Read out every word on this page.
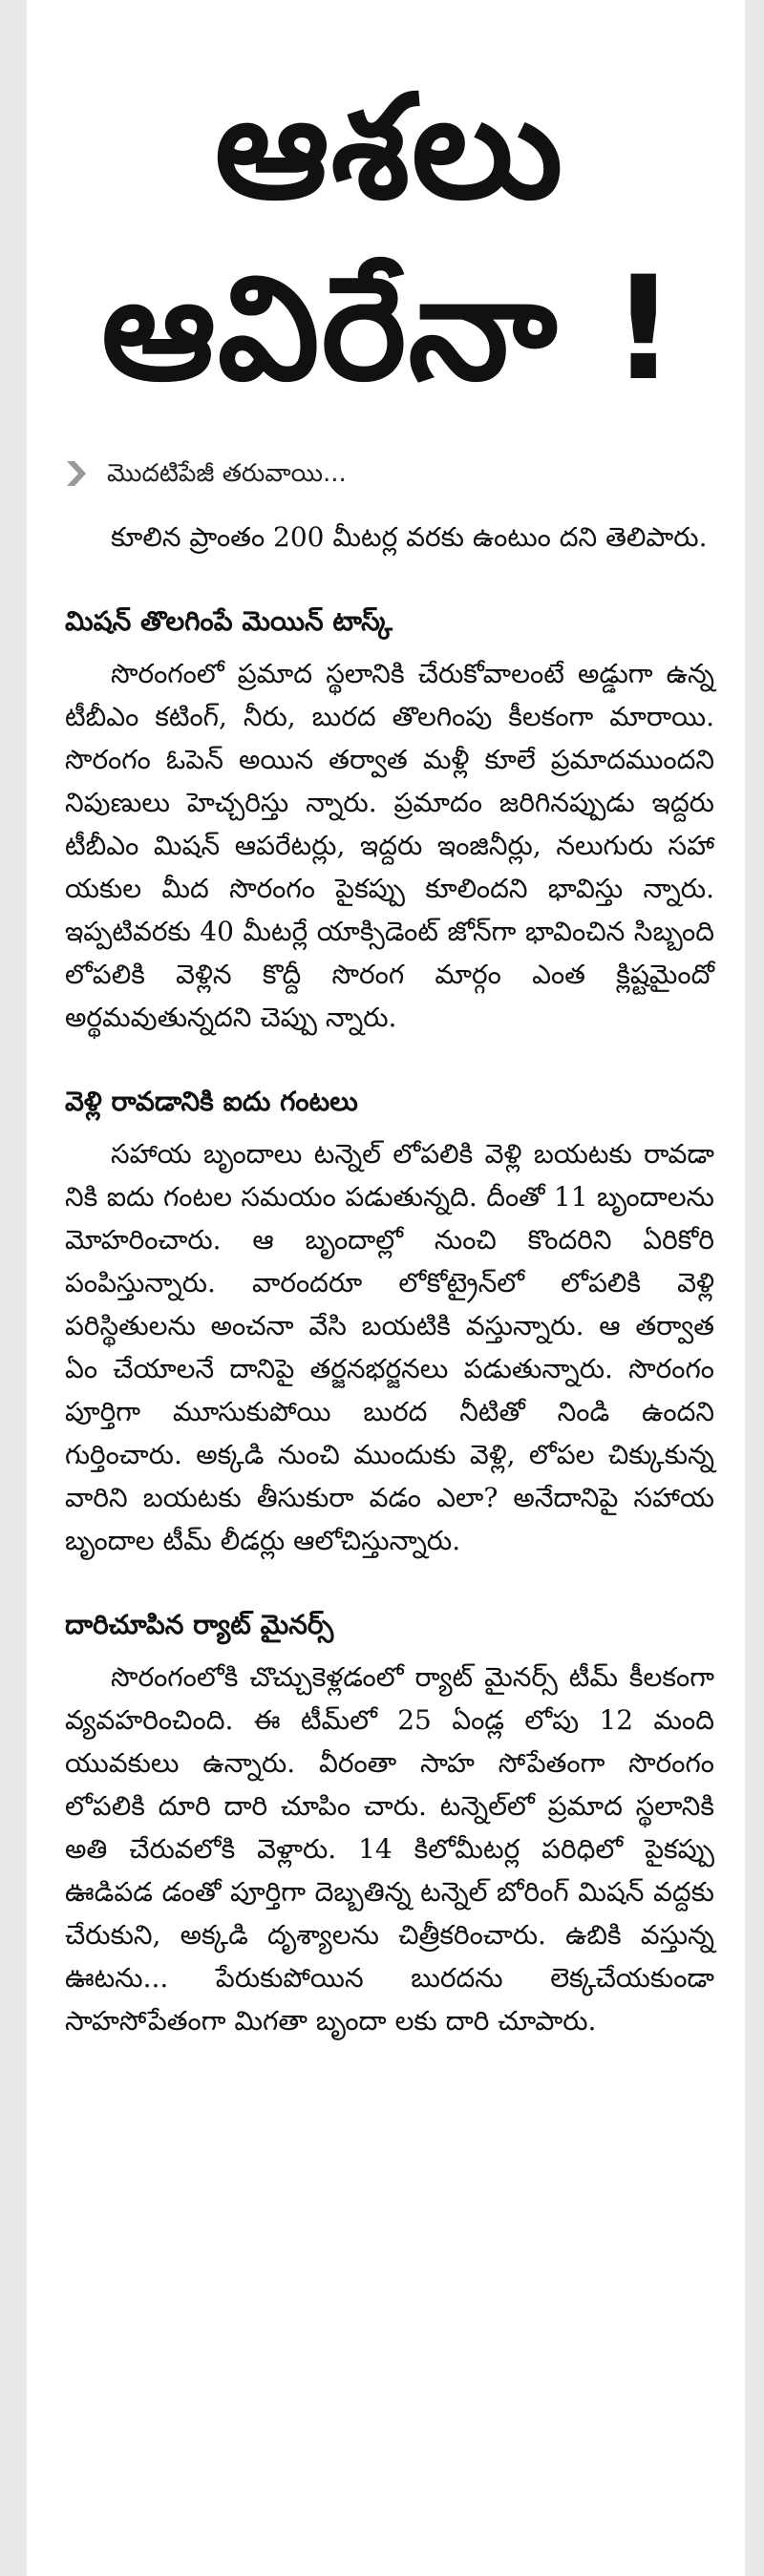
ఆశలు
ఆవిరేనా !
మొదటిపేజీ తరువాయి...

కూలిన ప్రాంతం 200 మీటర్ల వరకు ఉంటుం దని తెలిపారు.

మిషన్ తొలగింపే మెయిన్ టాస్క్

సొరంగంలో ప్రమాద స్థలానికి చేరుకోవాలంటే అడ్డుగా ఉన్న టీబీఎం కటింగ్, నీరు, బురద తొలగింపు కీలకంగా మారాయి. సొరంగం ఓపెన్ అయిన తర్వాత మళ్లీ కూలే ప్రమాదముందని నిపుణులు హెచ్చరిస్తు న్నారు. ప్రమాదం జరిగినప్పుడు ఇద్దరు టీబీఎం మిషన్ ఆపరేటర్లు, ఇద్దరు ఇంజినీర్లు, నలుగురు సహా యకుల మీద సొరంగం పైకప్పు కూలిందని భావిస్తు న్నారు. ఇప్పటివరకు 40 మీటర్లే యాక్సిడెంట్ జోన్‌గా భావించిన సిబ్బంది లోపలికి వెళ్లిన కొద్దీ సొరంగ మార్గం ఎంత క్లిష్టమైందో అర్థమవుతున్నదని చెప్పు న్నారు.

వెళ్లి రావడానికి ఐదు గంటలు

సహాయ బృందాలు టన్నెల్ లోపలికి వెళ్లి బయటకు రావడా నికి ఐదు గంటల సమయం పడుతున్నది. దీంతో 11 బృందాలను మోహరించారు. ఆ బృందాల్లో నుంచి కొందరిని ఏరికోరి పంపిస్తున్నారు. వారందరూ లోకోట్రైన్‌లో లోపలికి వెళ్లి పరిస్థితులను అంచనా వేసి బయటికి వస్తున్నారు. ఆ తర్వాత ఏం చేయాలనే దానిపై తర్జనభర్జనలు పడుతున్నారు. సొరంగం పూర్తిగా మూసుకుపోయి బురద నీటితో నిండి ఉందని గుర్తించారు. అక్కడి నుంచి ముందుకు వెళ్లి, లోపల చిక్కుకున్న వారిని బయటకు తీసుకురా వడం ఎలా? అనేదానిపై సహాయ బృందాల టీమ్ లీడర్లు ఆలోచిస్తున్నారు.

దారిచూపిన ర్యాట్ మైనర్స్

సొరంగంలోకి చొచ్చుకెళ్లడంలో ర్యాట్ మైనర్స్ టీమ్ కీలకంగా వ్యవహరించింది. ఈ టీమ్‌లో 25 ఏండ్ల లోపు 12 మంది యువకులు ఉన్నారు. వీరంతా సాహ సోపేతంగా సొరంగం లోపలికి దూరి దారి చూపిం చారు. టన్నెల్‌లో ప్రమాద స్థలానికి అతి చేరువలోకి వెళ్లారు. 14 కిలోమీటర్ల పరిధిలో పైకప్పు ఊడిపడ డంతో పూర్తిగా దెబ్బతిన్న టన్నెల్ బోరింగ్ మిషన్ వద్దకు చేరుకుని, అక్కడి దృశ్యాలను చిత్రీకరించారు. ఉబికి వస్తున్న ఊటను... పేరుకుపోయిన బురదను లెక్కచేయకుండా సాహసోపేతంగా మిగతా బృందా లకు దారి చూపారు.
